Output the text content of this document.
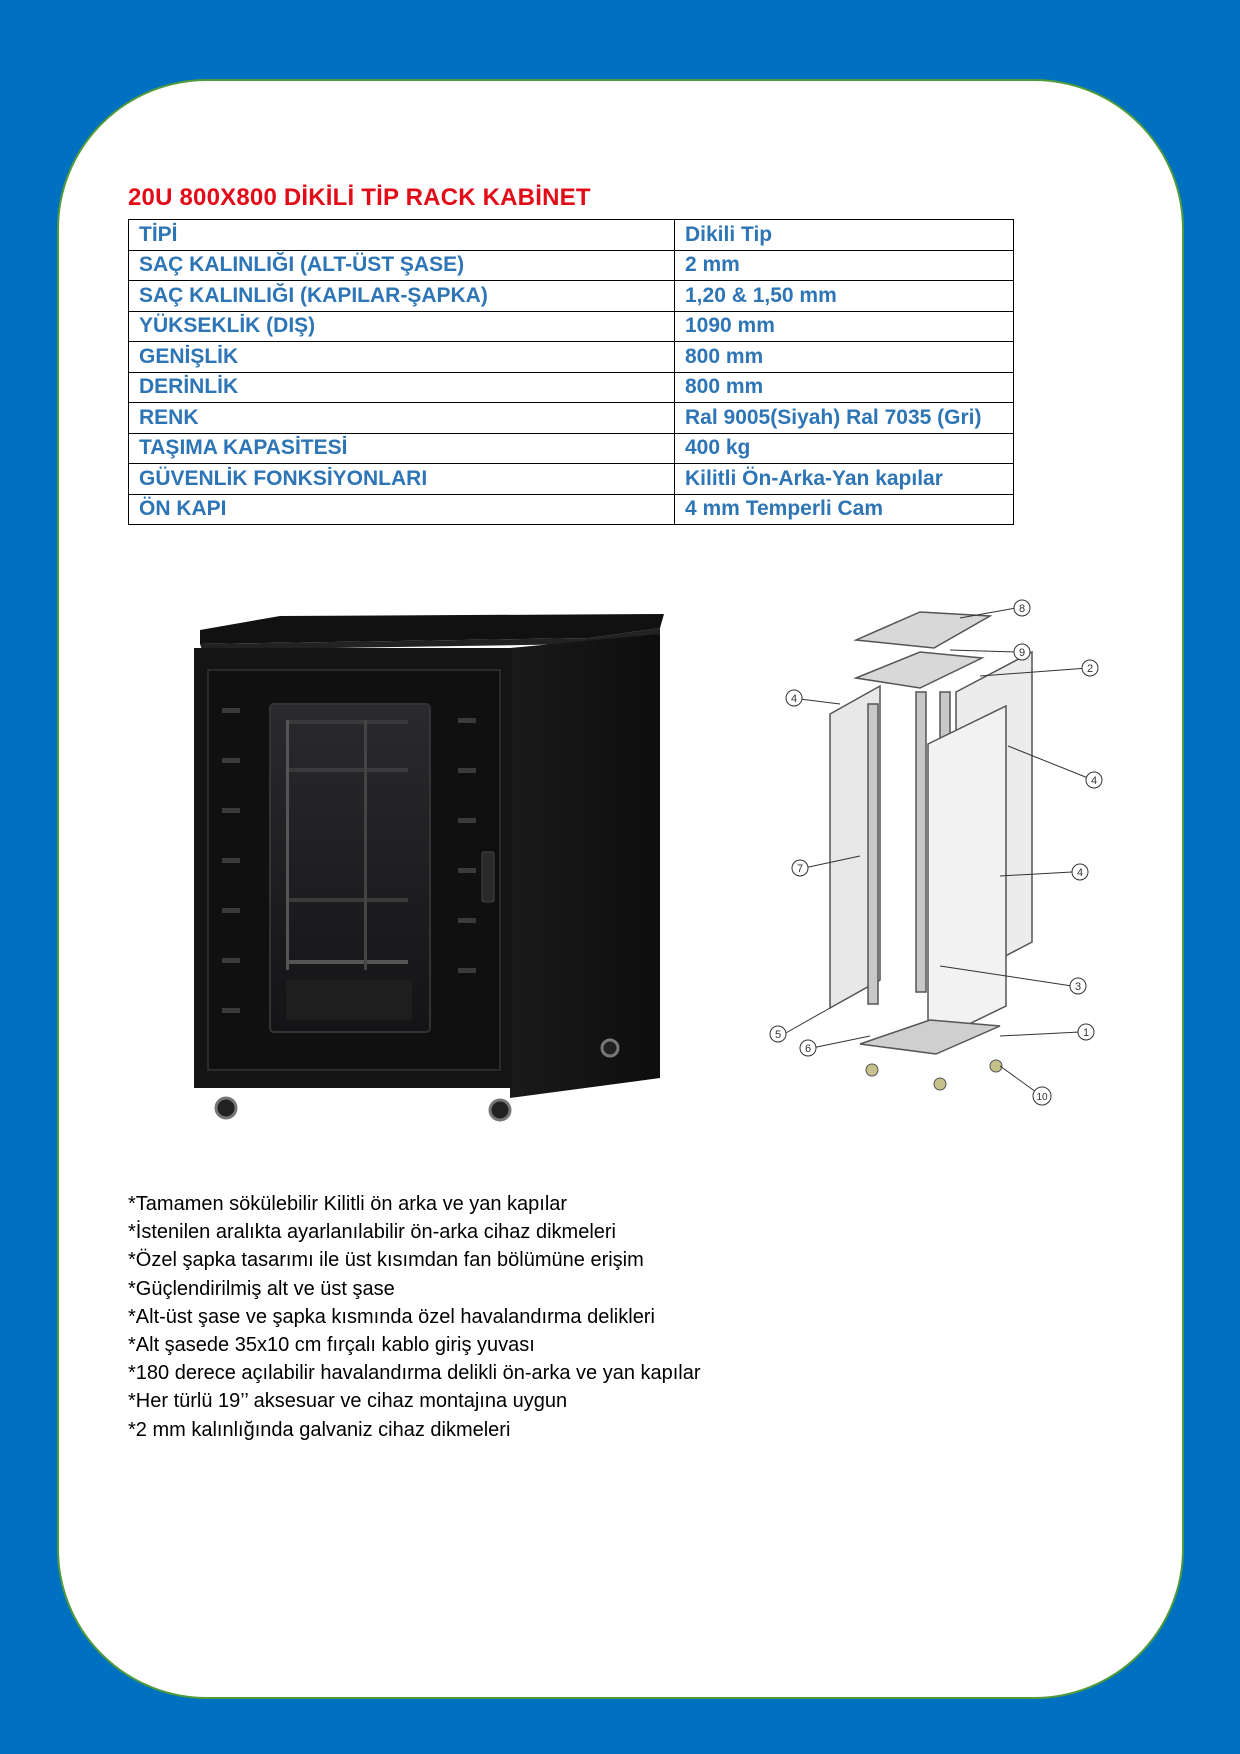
20U 800X800 DİKİLİ TİP RACK KABİNET
TİPİ	Dikili Tip
SAÇ KALINLIĞI (ALT-ÜST ŞASE)	2 mm
SAÇ KALINLIĞI (KAPILAR-ŞAPKA)	1,20 & 1,50 mm
YÜKSEKLİK (DIŞ)	1090 mm
GENİŞLİK	800 mm
DERİNLİK	800 mm
RENK	Ral 9005(Siyah) Ral 7035 (Gri)
TAŞIMA KAPASİTESİ	400 kg
GÜVENLİK FONKSİYONLARI	Kilitli Ön-Arka-Yan kapılar
ÖN KAPI	4 mm Temperli Cam
8
9
2
4
4
4
7
3
5
6
1
10
*Tamamen sökülebilir Kilitli ön arka ve yan kapılar
*İstenilen aralıkta ayarlanılabilir ön-arka cihaz dikmeleri
*Özel şapka tasarımı ile üst kısımdan fan bölümüne erişim
*Güçlendirilmiş alt ve üst şase
*Alt-üst şase ve şapka kısmında özel havalandırma delikleri
*Alt şasede 35x10 cm fırçalı kablo giriş yuvası
*180 derece açılabilir havalandırma delikli ön-arka ve yan kapılar
*Her türlü 19’’ aksesuar ve cihaz montajına uygun
*2 mm kalınlığında galvaniz cihaz dikmeleri
